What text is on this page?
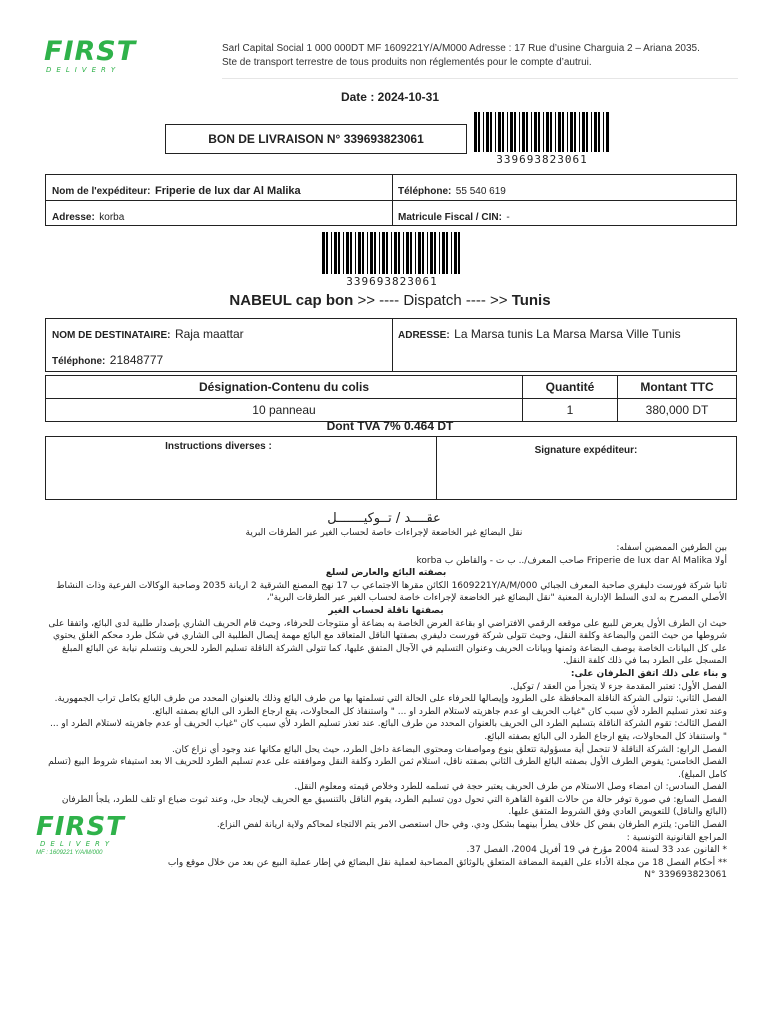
FIRST
DELIVERY
Sarl Capital Social 1 000 000DT MF 1609221Y/A/M000 Adresse : 17 Rue d’usine Charguia 2 – Ariana 2035.
Ste de transport terrestre de tous produits non réglementés pour le compte d’autrui.
Date : 2024-10-31
BON DE LIVRAISON N° 339693823061
339693823061
Nom de l'expéditeur: Friperie de lux dar Al Malika	Téléphone: 55 540 619
Adresse: korba	Matricule Fiscal / CIN: -
339693823061
NABEUL cap bon >> ---- Dispatch ---- >> Tunis
NOM DE DESTINATAIRE: Raja maattar
Téléphone: 21848777
ADRESSE: La Marsa tunis La Marsa Marsa Ville Tunis
Désignation-Contenu du colis	Quantité	Montant TTC
10 panneau	1	380,000 DT
Dont TVA 7% 0.464 DT
Instructions diverses :	Signature expéditeur:
عقــــد / تــوكيـــــــل
نقل البضائع غير الخاضعة لإجراءات خاصة لحساب الغير عبر الطرقات البرية
بين الطرفين الممضين أسفله:
أولا Friperie de lux dar Al Malika صاحب المعرف/.. ب ت - والقاطن ب korba
بصفته البائع والعارض لسلع
ثانيا شركة فورست دليفري صاحبة المعرف الجبائي 1609221Y/A/M/000 الكائن مقرها الاجتماعي ب 17 نهج المصنع الشرقية 2 اريانة 2035 وصاحبة الوكالات الفرعية وذات النشاط الأصلي المصرح به لدى السلط الإدارية المعنية "نقل البضائع غير الخاضعة لإجراءات خاصة لحساب الغير عبر الطرقات البرية"،
بصفتها ناقلة لحساب الغير
حيث ان الطرف الأول يعرض للبيع على موقعه الرقمي الافتراضي او بقاعة العرض الخاصة به بضاعة أو منتوجات للحرفاء، وحيث قام الحريف الشاري بإصدار طلبية لدى البائع، واتفقا على شروطها من حيث الثمن والبضاعة وكلفة النقل، وحيث تتولى شركة فورست دليفري بصفتها الناقل المتعاقد مع البائع مهمة إيصال الطلبية الى الشاري في شكل طرد محكم الغلق يحتوي على كل البيانات الخاصة بوصف البضاعة وثمنها وبيانات الحريف وعنوان التسليم في الآجال المتفق عليها، كما تتولى الشركة الناقلة تسليم الطرد للحريف وتتسلم نيابة عن البائع المبلغ المسجل على الطرد بما في ذلك كلفة النقل.
و بناء على ذلك اتفق الطرفان على:
الفصل الأول: تعتبر المقدمة جزء لا يتجزأ من العقد / توكيل.
الفصل الثاني: تتولى الشركة الناقلة المحافظة على الطرود وإيصالها للحرفاء على الحالة التي تسلمتها بها من طرف البائع وذلك بالعنوان المحدد من طرف البائع بكامل تراب الجمهورية. وعند تعذر تسليم الطرد لأي سبب كان "غياب الحريف او عدم جاهزيته لاستلام الطرد او ... " واستنفاذ كل المحاولات، يقع ارجاع الطرد الى البائع بصفته البائع.
الفصل الثالث: تقوم الشركة الناقلة بتسليم الطرد الى الحريف بالعنوان المحدد من طرف البائع. عند تعذر تسليم الطرد لأي سبب كان "غياب الحريف أو عدم جاهزيته لاستلام الطرد او ... " واستنفاذ كل المحاولات، يقع ارجاع الطرد الى البائع بصفته البائع.
الفصل الرابع: الشركة الناقلة لا تتحمل أية مسؤولية تتعلق بنوع ومواصفات ومحتوى البضاعة داخل الطرد، حيث يحل البائع مكانها عند وجود أي نزاع كان.
الفصل الخامس: يفوض الطرف الأول بصفته البائع الطرف الثاني بصفته ناقل، استلام ثمن الطرد وكلفة النقل وموافقته على عدم تسليم الطرد للحريف الا بعد استيفاء شروط البيع (تسلم كامل المبلغ).
الفصل السادس: ان امضاء وصل الاستلام من طرف الحريف يعتبر حجة في تسلمه للطرد وخلاص قيمته ومعلوم النقل.
الفصل السابع: في صورة توفر حالة من حالات القوة القاهرة التي تحول دون تسليم الطرد، يقوم الناقل بالتنسيق مع الحريف لإيجاد حل، وعند ثبوت ضياع او تلف للطرد، يلجأ الطرفان (البائع والناقل) للتعويض العادي وفق الشروط المتفق عليها.
الفصل الثامن: يلتزم الطرفان بفض كل خلاف يطرأ بينهما بشكل ودي. وفي حال استعصى الامر يتم الالتجاء لمحاكم ولاية اريانة لفض النزاع.
المراجع القانونية التونسية :
* القانون عدد 33 لسنة 2004 مؤرخ في 19 أفريل 2004، الفصل 37.
** أحكام الفصل 18 من مجلة الأداء على القيمة المضافة المتعلق بالوثائق المصاحبة لعملية نقل البضائع في إطار عملية البيع عن بعد من خلال موقع واب
N° 339693823061
FIRST
DELIVERY
MF : 1609221 Y/A/M/000
